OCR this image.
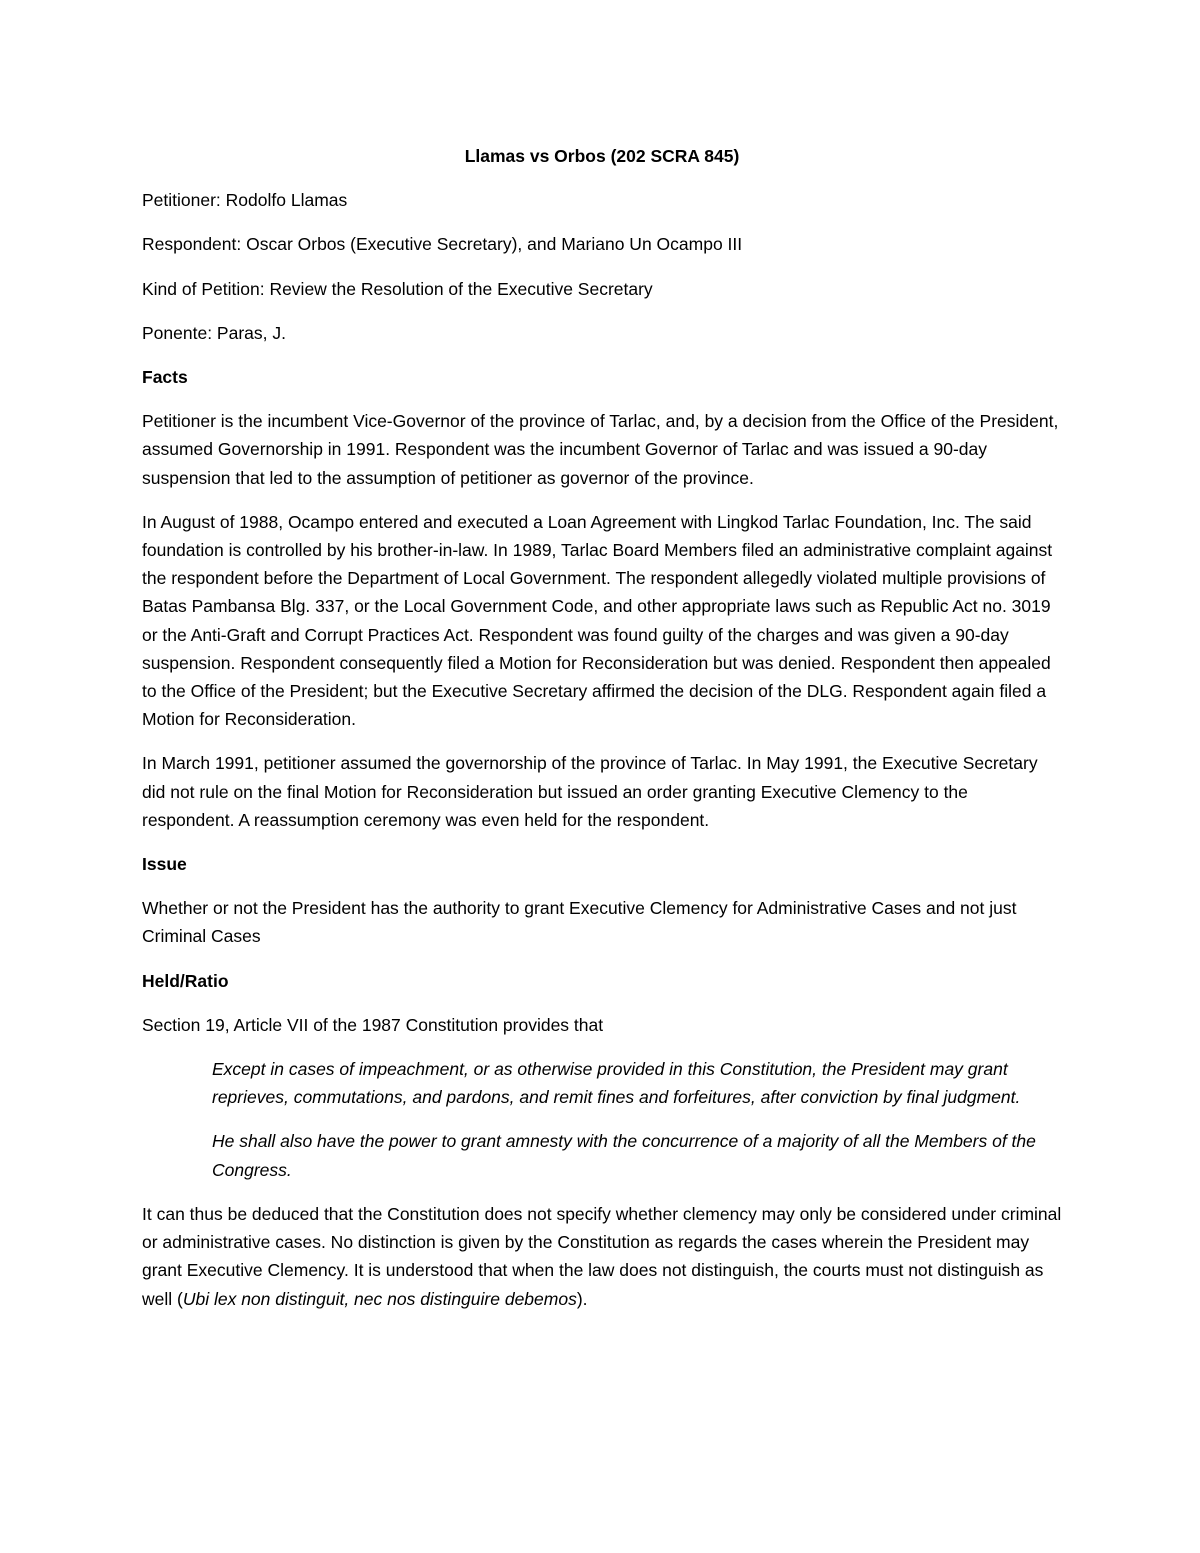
Llamas vs Orbos (202 SCRA 845)
Petitioner: Rodolfo Llamas
Respondent: Oscar Orbos (Executive Secretary), and Mariano Un Ocampo III
Kind of Petition: Review the Resolution of the Executive Secretary
Ponente: Paras, J.
Facts
Petitioner is the incumbent Vice-Governor of the province of Tarlac, and, by a decision from the Office of the President, assumed Governorship in 1991. Respondent was the incumbent Governor of Tarlac and was issued a 90-day suspension that led to the assumption of petitioner as governor of the province.
In August of 1988, Ocampo entered and executed a Loan Agreement with Lingkod Tarlac Foundation, Inc. The said foundation is controlled by his brother-in-law. In 1989, Tarlac Board Members filed an administrative complaint against the respondent before the Department of Local Government. The respondent allegedly violated multiple provisions of Batas Pambansa Blg. 337, or the Local Government Code, and other appropriate laws such as Republic Act no. 3019 or the Anti-Graft and Corrupt Practices Act. Respondent was found guilty of the charges and was given a 90-day suspension. Respondent consequently filed a Motion for Reconsideration but was denied. Respondent then appealed to the Office of the President; but the Executive Secretary affirmed the decision of the DLG. Respondent again filed a Motion for Reconsideration.
In March 1991, petitioner assumed the governorship of the province of Tarlac. In May 1991, the Executive Secretary did not rule on the final Motion for Reconsideration but issued an order granting Executive Clemency to the respondent. A reassumption ceremony was even held for the respondent.
Issue
Whether or not the President has the authority to grant Executive Clemency for Administrative Cases and not just Criminal Cases
Held/Ratio
Section 19, Article VII of the 1987 Constitution provides that
Except in cases of impeachment, or as otherwise provided in this Constitution, the President may grant reprieves, commutations, and pardons, and remit fines and forfeitures, after conviction by final judgment.
He shall also have the power to grant amnesty with the concurrence of a majority of all the Members of the Congress.
It can thus be deduced that the Constitution does not specify whether clemency may only be considered under criminal or administrative cases. No distinction is given by the Constitution as regards the cases wherein the President may grant Executive Clemency. It is understood that when the law does not distinguish, the courts must not distinguish as well (Ubi lex non distinguit, nec nos distinguire debemos).
